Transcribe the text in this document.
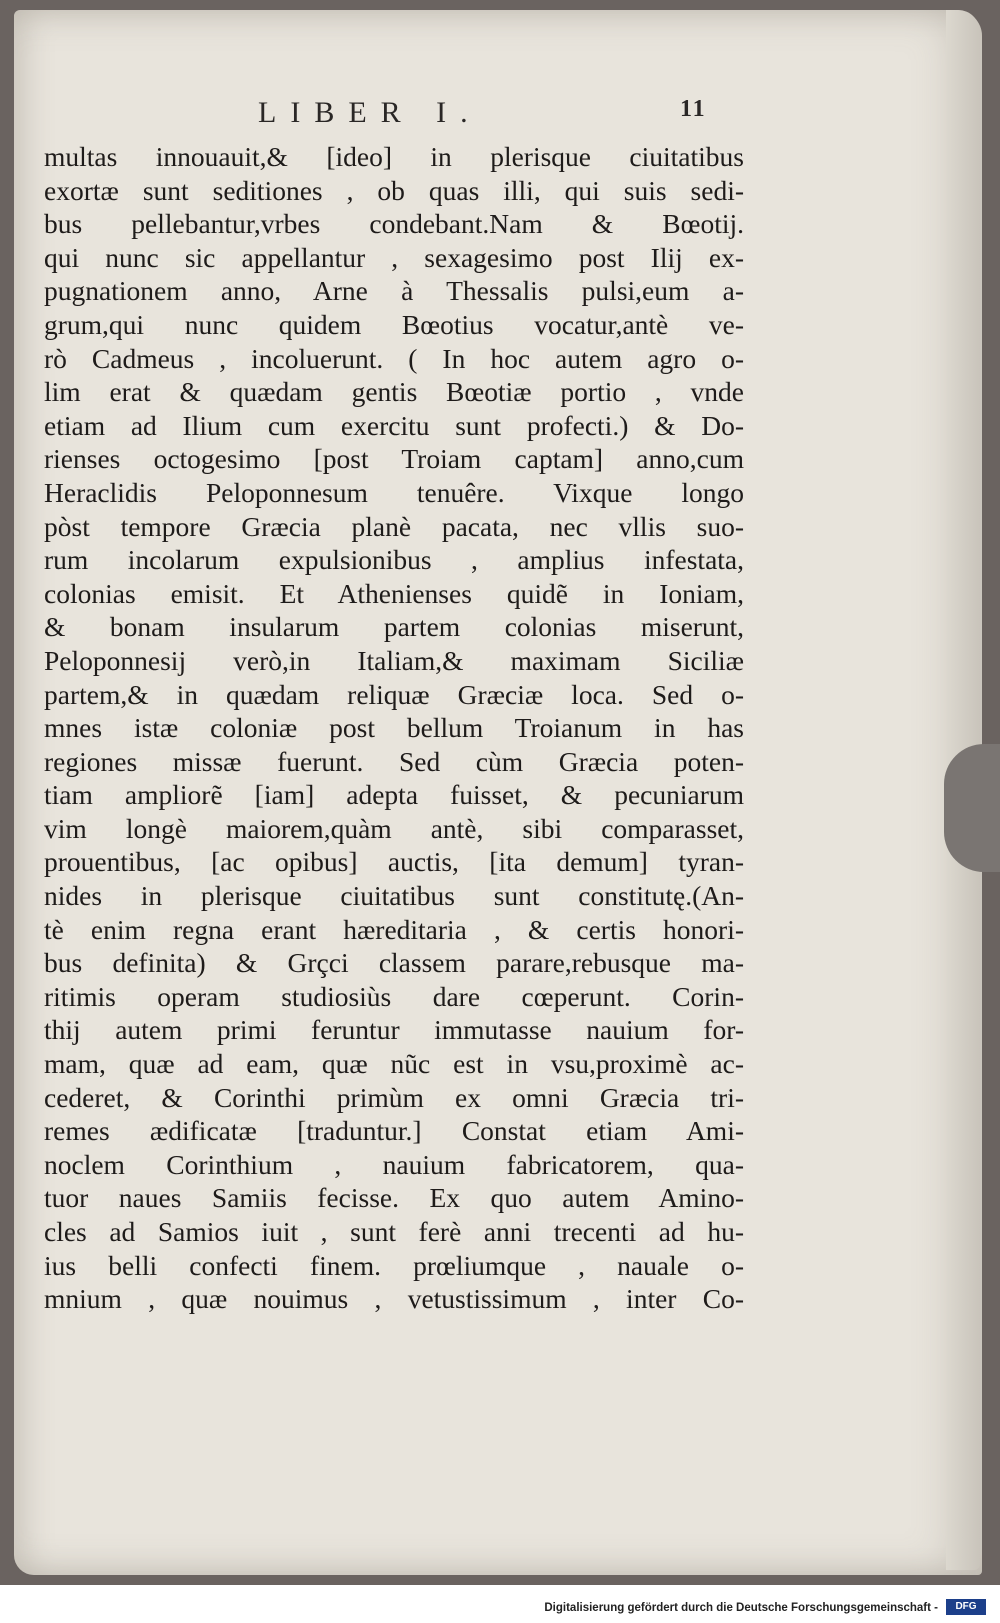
LIBER I.	11
multas innouauit,& [ideo] in plerisque ciuitatibus
exortæ sunt seditiones , ob quas illi, qui suis sedi-
bus pellebantur,vrbes condebant.Nam & Bœotij.
qui nunc sic appellantur , sexagesimo post Ilij ex-
pugnationem anno, Arne à Thessalis pulsi,eum a-
grum,qui nunc quidem Bœotius vocatur,antè ve-
rò Cadmeus , incoluerunt. ( In hoc autem agro o-
lim erat & quædam gentis Bœotiæ portio , vnde
etiam ad Ilium cum exercitu sunt profecti.) & Do-
rienses octogesimo [post Troiam captam] anno,cum
Heraclidis Peloponnesum tenuêre. Vixque longo
pòst tempore Græcia planè pacata, nec vllis suo-
rum incolarum expulsionibus , amplius infestata,
colonias emisit. Et Athenienses quidẽ in Ioniam,
& bonam insularum partem colonias miserunt,
Peloponnesij verò,in Italiam,& maximam Siciliæ
partem,& in quædam reliquæ Græciæ loca. Sed o-
mnes istæ coloniæ post bellum Troianum in has
regiones missæ fuerunt. Sed cùm Græcia poten-
tiam ampliorẽ [iam] adepta fuisset, & pecuniarum
vim longè maiorem,quàm antè, sibi comparasset,
prouentibus, [ac opibus] auctis, [ita demum] tyran-
nides in plerisque ciuitatibus sunt constitutę.(An-
tè enim regna erant hæreditaria , & certis honori-
bus definita) & Grçci classem parare,rebusque ma-
ritimis operam studiosiùs dare cœperunt. Corin-
thij autem primi feruntur immutasse nauium for-
mam, quæ ad eam, quæ nũc est in vsu,proximè ac-
cederet, & Corinthi primùm ex omni Græcia tri-
remes ædificatæ [traduntur.] Constat etiam Ami-
noclem Corinthium , nauium fabricatorem, qua-
tuor naues Samiis fecisse. Ex quo autem Amino-
cles ad Samios iuit , sunt ferè anni trecenti ad hu-
ius belli confecti finem. prœliumque , nauale o-
mnium , quæ nouimus , vetustissimum , inter Co-
Digitalisierung gefördert durch die Deutsche Forschungsgemeinschaft -	DFG
